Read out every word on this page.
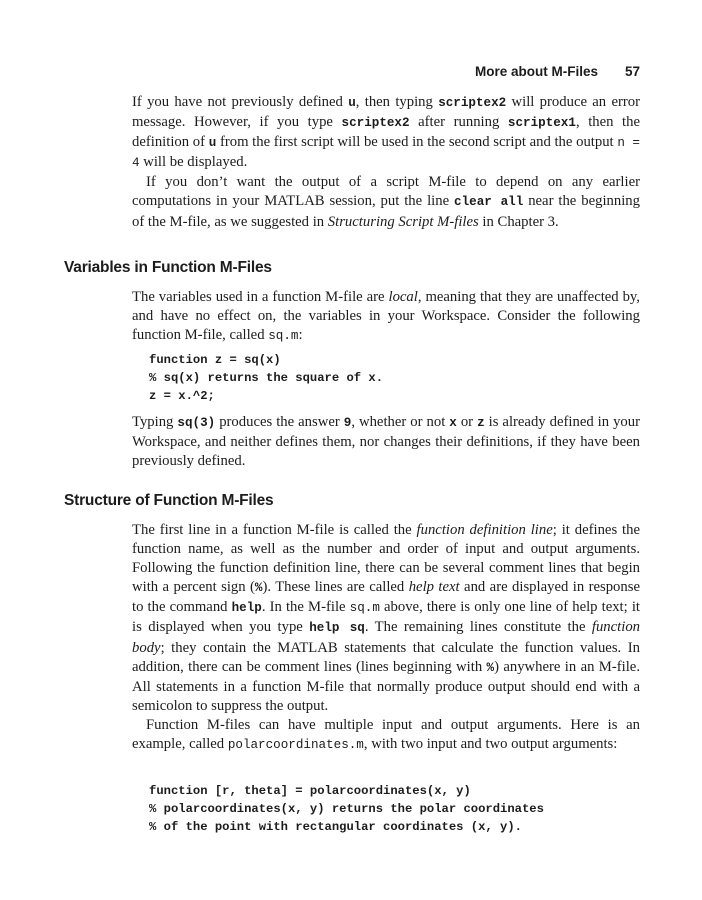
More about M-Files 57

If you have not previously defined u, then typing scriptex2 will produce an error message. However, if you type scriptex2 after running scriptex1, then the definition of u from the first script will be used in the second script and the output n = 4 will be displayed.

If you don’t want the output of a script M-file to depend on any earlier computations in your MATLAB session, put the line clear all near the beginning of the M-file, as we suggested in Structuring Script M-files in Chapter 3.

Variables in Function M-Files

The variables used in a function M-file are local, meaning that they are unaffected by, and have no effect on, the variables in your Workspace. Consider the following function M-file, called sq.m:

function z = sq(x)
% sq(x) returns the square of x.
z = x.^2;

Typing sq(3) produces the answer 9, whether or not x or z is already defined in your Workspace, and neither defines them, nor changes their definitions, if they have been previously defined.

Structure of Function M-Files

The first line in a function M-file is called the function definition line; it defines the function name, as well as the number and order of input and output arguments. Following the function definition line, there can be several comment lines that begin with a percent sign (%). These lines are called help text and are displayed in response to the command help. In the M-file sq.m above, there is only one line of help text; it is displayed when you type help sq. The remaining lines constitute the function body; they contain the MATLAB statements that calculate the function values. In addition, there can be comment lines (lines beginning with %) anywhere in an M-file. All statements in a function M-file that normally produce output should end with a semicolon to suppress the output.

Function M-files can have multiple input and output arguments. Here is an example, called polarcoordinates.m, with two input and two output arguments:

function [r, theta] = polarcoordinates(x, y)
% polarcoordinates(x, y) returns the polar coordinates
% of the point with rectangular coordinates (x, y).
